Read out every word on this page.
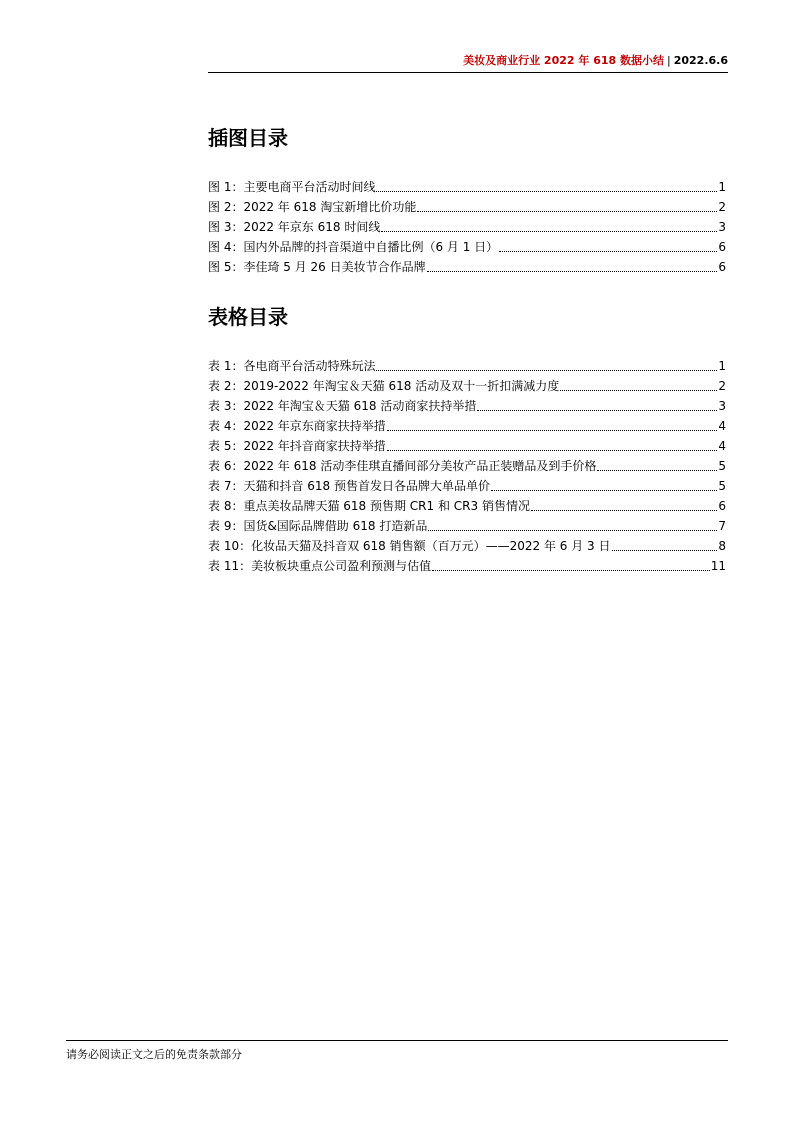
美妆及商业行业 2022 年 618 数据小结 | 2022.6.6
插图目录
图 1：主要电商平台活动时间线	1
图 2：2022 年 618 淘宝新增比价功能	2
图 3：2022 年京东 618 时间线	3
图 4：国内外品牌的抖音渠道中自播比例（6 月 1 日）	6
图 5：李佳琦 5 月 26 日美妆节合作品牌	6
表格目录
表 1：各电商平台活动特殊玩法	1
表 2：2019-2022 年淘宝＆天猫 618 活动及双十一折扣满减力度	2
表 3：2022 年淘宝＆天猫 618 活动商家扶持举措	3
表 4：2022 年京东商家扶持举措	4
表 5：2022 年抖音商家扶持举措	4
表 6：2022 年 618 活动李佳琪直播间部分美妆产品正装赠品及到手价格	5
表 7：天猫和抖音 618 预售首发日各品牌大单品单价	5
表 8：重点美妆品牌天猫 618 预售期 CR1 和 CR3 销售情况	6
表 9：国货&国际品牌借助 618 打造新品	7
表 10：化妆品天猫及抖音双 618 销售额（百万元）——2022 年 6 月 3 日	8
表 11：美妆板块重点公司盈利预测与估值	11
请务必阅读正文之后的免责条款部分
